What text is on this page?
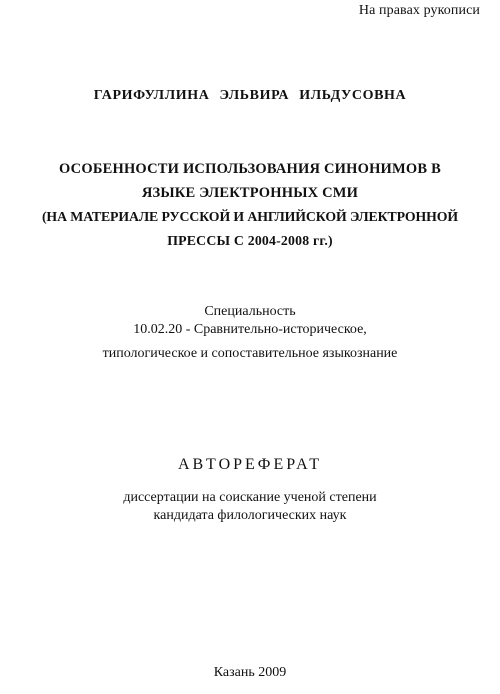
На правах рукописи
ГАРИФУЛЛИНА ЭЛЬВИРА ИЛЬДУСОВНА
ОСОБЕННОСТИ ИСПОЛЬЗОВАНИЯ СИНОНИМОВ В
ЯЗЫКЕ ЭЛЕКТРОННЫХ СМИ
(НА МАТЕРИАЛЕ РУССКОЙ И АНГЛИЙСКОЙ ЭЛЕКТРОННОЙ
ПРЕССЫ С 2004-2008 гг.)
Специальность
10.02.20 - Сравнительно-историческое,
типологическое и сопоставительное языкознание
АВТОРЕФЕРАТ
диссертации на соискание ученой степени
кандидата филологических наук
Казань 2009
